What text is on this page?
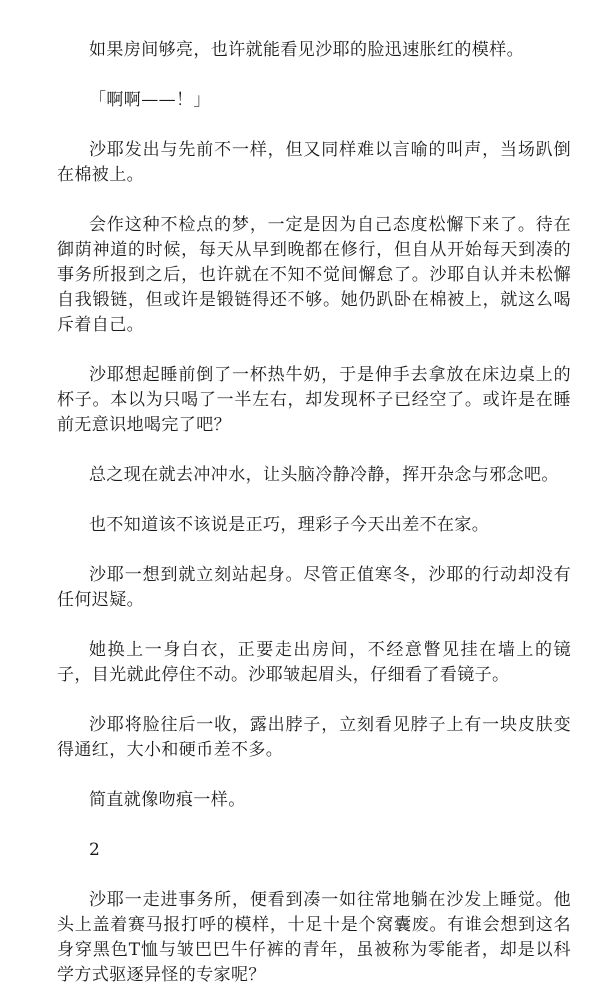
如果房间够亮，也许就能看见沙耶的脸迅速胀红的模样。

「啊啊——！」

沙耶发出与先前不一样，但又同样难以言喻的叫声，当场趴倒在棉被上。

会作这种不检点的梦，一定是因为自己态度松懈下来了。待在御荫神道的时候，每天从早到晚都在修行，但自从开始每天到凑的事务所报到之后，也许就在不知不觉间懈怠了。沙耶自认并未松懈自我锻链，但或许是锻链得还不够。她仍趴卧在棉被上，就这么喝斥着自己。

沙耶想起睡前倒了一杯热牛奶，于是伸手去拿放在床边桌上的杯子。本以为只喝了一半左右，却发现杯子已经空了。或许是在睡前无意识地喝完了吧？

总之现在就去冲冲水，让头脑冷静冷静，挥开杂念与邪念吧。

也不知道该不该说是正巧，理彩子今天出差不在家。

沙耶一想到就立刻站起身。尽管正值寒冬，沙耶的行动却没有任何迟疑。

她换上一身白衣，正要走出房间，不经意瞥见挂在墙上的镜子，目光就此停住不动。沙耶皱起眉头，仔细看了看镜子。

沙耶将脸往后一收，露出脖子，立刻看见脖子上有一块皮肤变得通红，大小和硬币差不多。

简直就像吻痕一样。

2

沙耶一走进事务所，便看到凑一如往常地躺在沙发上睡觉。他头上盖着赛马报打呼的模样，十足十是个窝囊废。有谁会想到这名身穿黑色T恤与皱巴巴牛仔裤的青年，虽被称为零能者，却是以科学方式驱逐异怪的专家呢？
